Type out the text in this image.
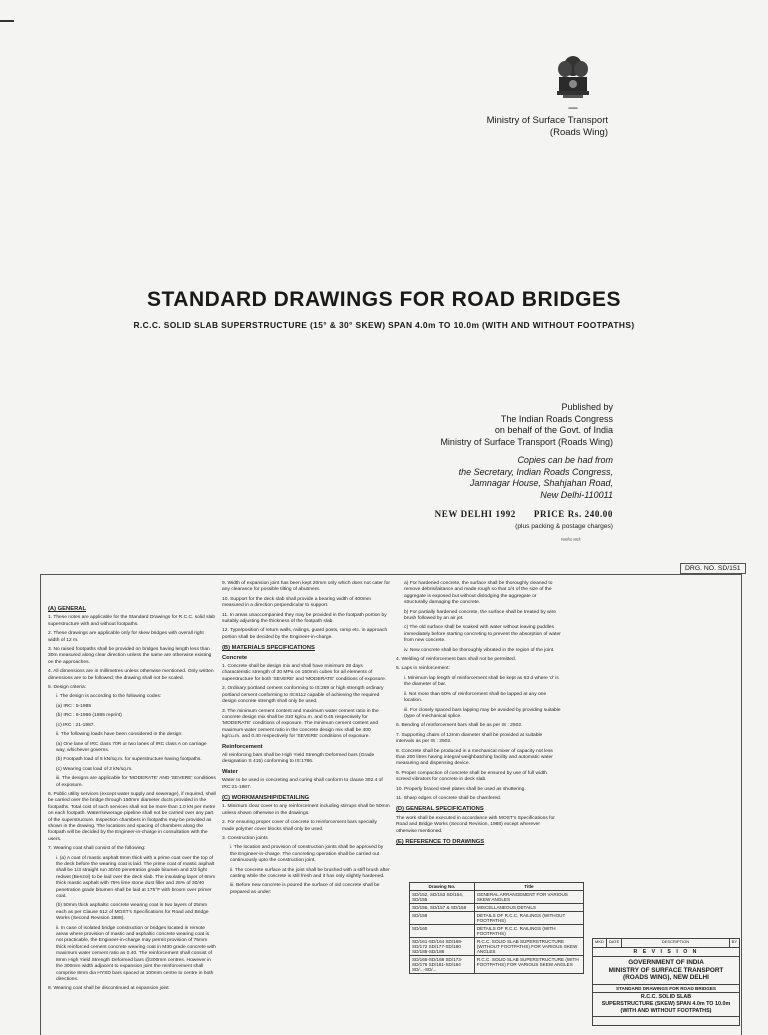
═══
Ministry of Surface Transport
(Roads Wing)
STANDARD DRAWINGS FOR ROAD BRIDGES
R.C.C. SOLID SLAB SUPERSTRUCTURE (15° & 30° SKEW) SPAN 4.0m TO 10.0m (WITH AND WITHOUT FOOTPATHS)
Published by
The Indian Roads Congress
on behalf of the Govt. of India
Ministry of Surface Transport (Roads Wing)
Copies can be had from
the Secretary, Indian Roads Congress,
Jamnagar House, Shahjahan Road,
New Delhi-110011
NEW DELHI 1992 PRICE Rs. 240.00
(plus packing & postage charges)
सत्यमेव जयते
DRG. NO. SD/151
(A) GENERAL

1. These notes are applicable for the Standard Drawings for R.C.C. solid slab superstructure with and without footpaths.

2. These drawings are applicable only for skew bridges with overall right width of 12 m.

3. No raised footpaths shall be provided on bridges having length less than 30m measured along clear direction unless the same are otherwise existing on the approaches.

4. All dimensions are in millimetres unless otherwise mentioned. Only written dimensions are to be followed; the drawing shall not be scaled.

5. Design criteria:

i. The design is according to the following codes:

(a) IRC : 5-1985

(b) IRC : 6-1966 (1985 reprint)

(c) IRC : 21-1987.

ii. The following loads have been considered in the design:

(a) One lane of IRC class 70R or two lanes of IRC class A on carriage way, whichever governs.

(b) Footpath load of 5 kN/sq.m. for superstructure having footpaths.

(c) Wearing coat load of 2 kN/sq.m.

iii. The designs are applicable for 'MODERATE' AND 'SEVERE' conditions of exposure.

6. Public utility services (except water supply and sewerage), if required, shall be carried over the bridge through 150mm diameter ducts provided in the footpaths. Total cost of such services shall not be more than 1.0 kN per metre on each footpath. Water/sewerage pipeline shall not be carried over any part of the superstructure. Inspection chambers in footpaths may be provided as shown in the drawing. The locations and spacing of chambers along the footpath will be decided by the Engineer-in-charge in consultation with the users.

7. Wearing coat shall consist of the following:

i. (a) A coat of mastic asphalt 8mm thick with a prime coat over the top of the deck before the wearing coat is laid. The prime coat of mastic asphalt shall be 1/3 straight run 30/40 penetration grade bitumen and 2/3 light redwet (Benzol) to be laid over the deck slab. The insulating layer of 6mm thick mastic asphalt with 75% lime stone dust filler and 25% of 30/40 penetration grade bitumen shall be laid at 175°F with broom over primer coat.

(b) 50mm thick asphaltic concrete wearing coat in two layers of 25mm each as per Clause 512 of MOST's Specifications for Road and Bridge Works (Second Revision 1988).

ii. In case of isolated bridge construction or bridges located in remote areas where provision of mastic and asphaltic concrete wearing coat is not practicable, the Engineer-in-charge may permit provision of 75mm thick reinforced cement concrete wearing coat in M30 grade concrete with maximum water cement ratio as 0.40. The reinforcement shall consist of 8mm High Yield Strength Deformed bars @200mm centres. However in the 300mm width adjacent to expansion joint the reinforcement shall comprise 8mm dia HYSD bars spaced at 100mm centre to centre in both directions.

8. Wearing coat shall be discontinued at expansion joint

9. Width of expansion joint has been kept 20mm only which does not cater for any clearance for possible tilting of abutment.

10. Support for the deck slab shall provide a bearing width of 400mm measured in a direction perpendicular to support.

11. In areas unaccompanied they may be provided in the footpath portion by suitably adjusting the thickness of the footpath slab.

12. Type/position of return walls, railings, guard posts, ramp etc. in approach portion shall be decided by the Engineer-in-charge.

(B) MATERIALS SPECIFICATIONS

Concrete

1. Concrete shall be design mix and shall have minimum 28 days characteristic strength of 30 MPa on 150mm cubes for all elements of superstructure for both 'SEVERE' and 'MODERATE' conditions of exposure.

2. Ordinary portland cement conforming to IS:269 or high strength ordinary portland cement conforming to IS:8112 capable of achieving the required design concrete strength shall only be used.

3. The minimum cement content and maximum water cement ratio in the concrete design mix shall be 310 kg/cu.m. and 0.45 respectively for 'MODERATE' conditions of exposure. The minimum cement content and maximum water cement ratio in the concrete design mix shall be 400 kg/cu.m. and 0.40 respectively for 'SEVERE' conditions of exposure.

Reinforcement

All reinforcing bars shall be High Yield Strength Deformed bars (Grade designation S 415) conforming to IS:1786.

Water

Water to be used in concreting and curing shall conform to clause 302.4 of IRC:21-1987.

(C) WORKMANSHIP/DETAILING

1. Minimum clear cover to any reinforcement including stirrups shall be 50mm unless shown otherwise in the drawings.

2. For ensuring proper cover of concrete to reinforcement bars specially made polymer cover blocks shall only be used.

3. Construction joints

i. The location and provision of construction joints shall be approved by the Engineer-in-charge. The concreting operation shall be carried out continuously upto the construction joint.

ii. The concrete surface at the joint shall be brushed with a stiff brush after casting while the concrete is still fresh and it has only slightly hardened.

iii. Before new concrete is poured the surface of old concrete shall be prepared as under:

a) For hardened concrete, the surface shall be thoroughly cleaned to remove debris/laitance and made rough so that 1/4 of the size of the aggregate is exposed but without dislodging the aggregate or structurally damaging the concrete.

b) For partially hardened concrete, the surface shall be treated by wire brush followed by an air jet.

c) The old surface shall be soaked with water without leaving puddles immediately before starting concreting to prevent the absorption of water from new concrete.

iv. New concrete shall be thoroughly vibrated in the region of the joint.

4. Welding of reinforcement bars shall not be permitted.

5. Laps in reinforcement:

i. Minimum lap length of reinforcement shall be kept as 63 d where 'd' is the diameter of bar.

ii. Not more than 50% of reinforcement shall be lapped at any one location.

iii. For closely spaced bars lapping may be avoided by providing suitable (type of mechanical splice.

6. Bending of reinforcement bars shall be as per IS : 2502.

7. Supporting chairs of 12mm diameter shall be provided at suitable intervals as per IS : 2502.

8. Concrete shall be produced in a mechanical mixer of capacity not less than 200 litres having integral weighbatching facility and automatic water measuring and dispensing device.

9. Proper compaction of concrete shall be ensured by use of full width screed vibrators for concrete in deck slab.

10. Properly braced steel plates shall be used as shuttering.

11. Sharp edges of concrete shall be chamfered.

(D) GENERAL SPECIFICATIONS

The work shall be executed in accordance with MOST's Specifications for Road and Bridge Works (Second Revision, 1988) except wherever otherwise mentioned.

(E) REFERENCE TO DRAWINGS
Drawing No.	Title
SD/152, SD/153 SD/154, SD/155	GENERAL ARRANGEMENT FOR VARIOUS SKEW ANGLES
SD/156, SD/157 & SD/158	MISCELLANEOUS DETAILS
SD/159	DETAILS OF R.C.C. RAILINGS (WITHOUT FOOTPATHS)
SD/160	DETAILS OF R.C.C. RAILINGS (WITH FOOTPATHS)
SD/161-SD/164 SD/169-SD/172 SD/177-SD/180 SD/185-SD/188	R.C.C. SOLID SLAB SUPERSTRUCTURE (WITHOUT FOOTPATHS) FOR VARIOUS SKEW ANGLES
SD/165-SD/168 SD/173-SD/176 SD/181-SD/184 SD/...-SD/...	R.C.C. SOLID SLAB SUPERSTRUCTURE (WITH FOOTPATHS) FOR VARIOUS SKEW ANGLES
MKD	DATE	DESCRIPTION	BY
R E V I S I O N
GOVERNMENT OF INDIA
MINISTRY OF SURFACE TRANSPORT
(ROADS WING), NEW DELHI
STANDARD DRAWINGS FOR ROAD BRIDGES
R.C.C. SOLID SLAB
SUPERSTRUCTURE (SKEW) SPAN 4.0m TO 10.0m
(WITH AND WITHOUT FOOTPATHS)
